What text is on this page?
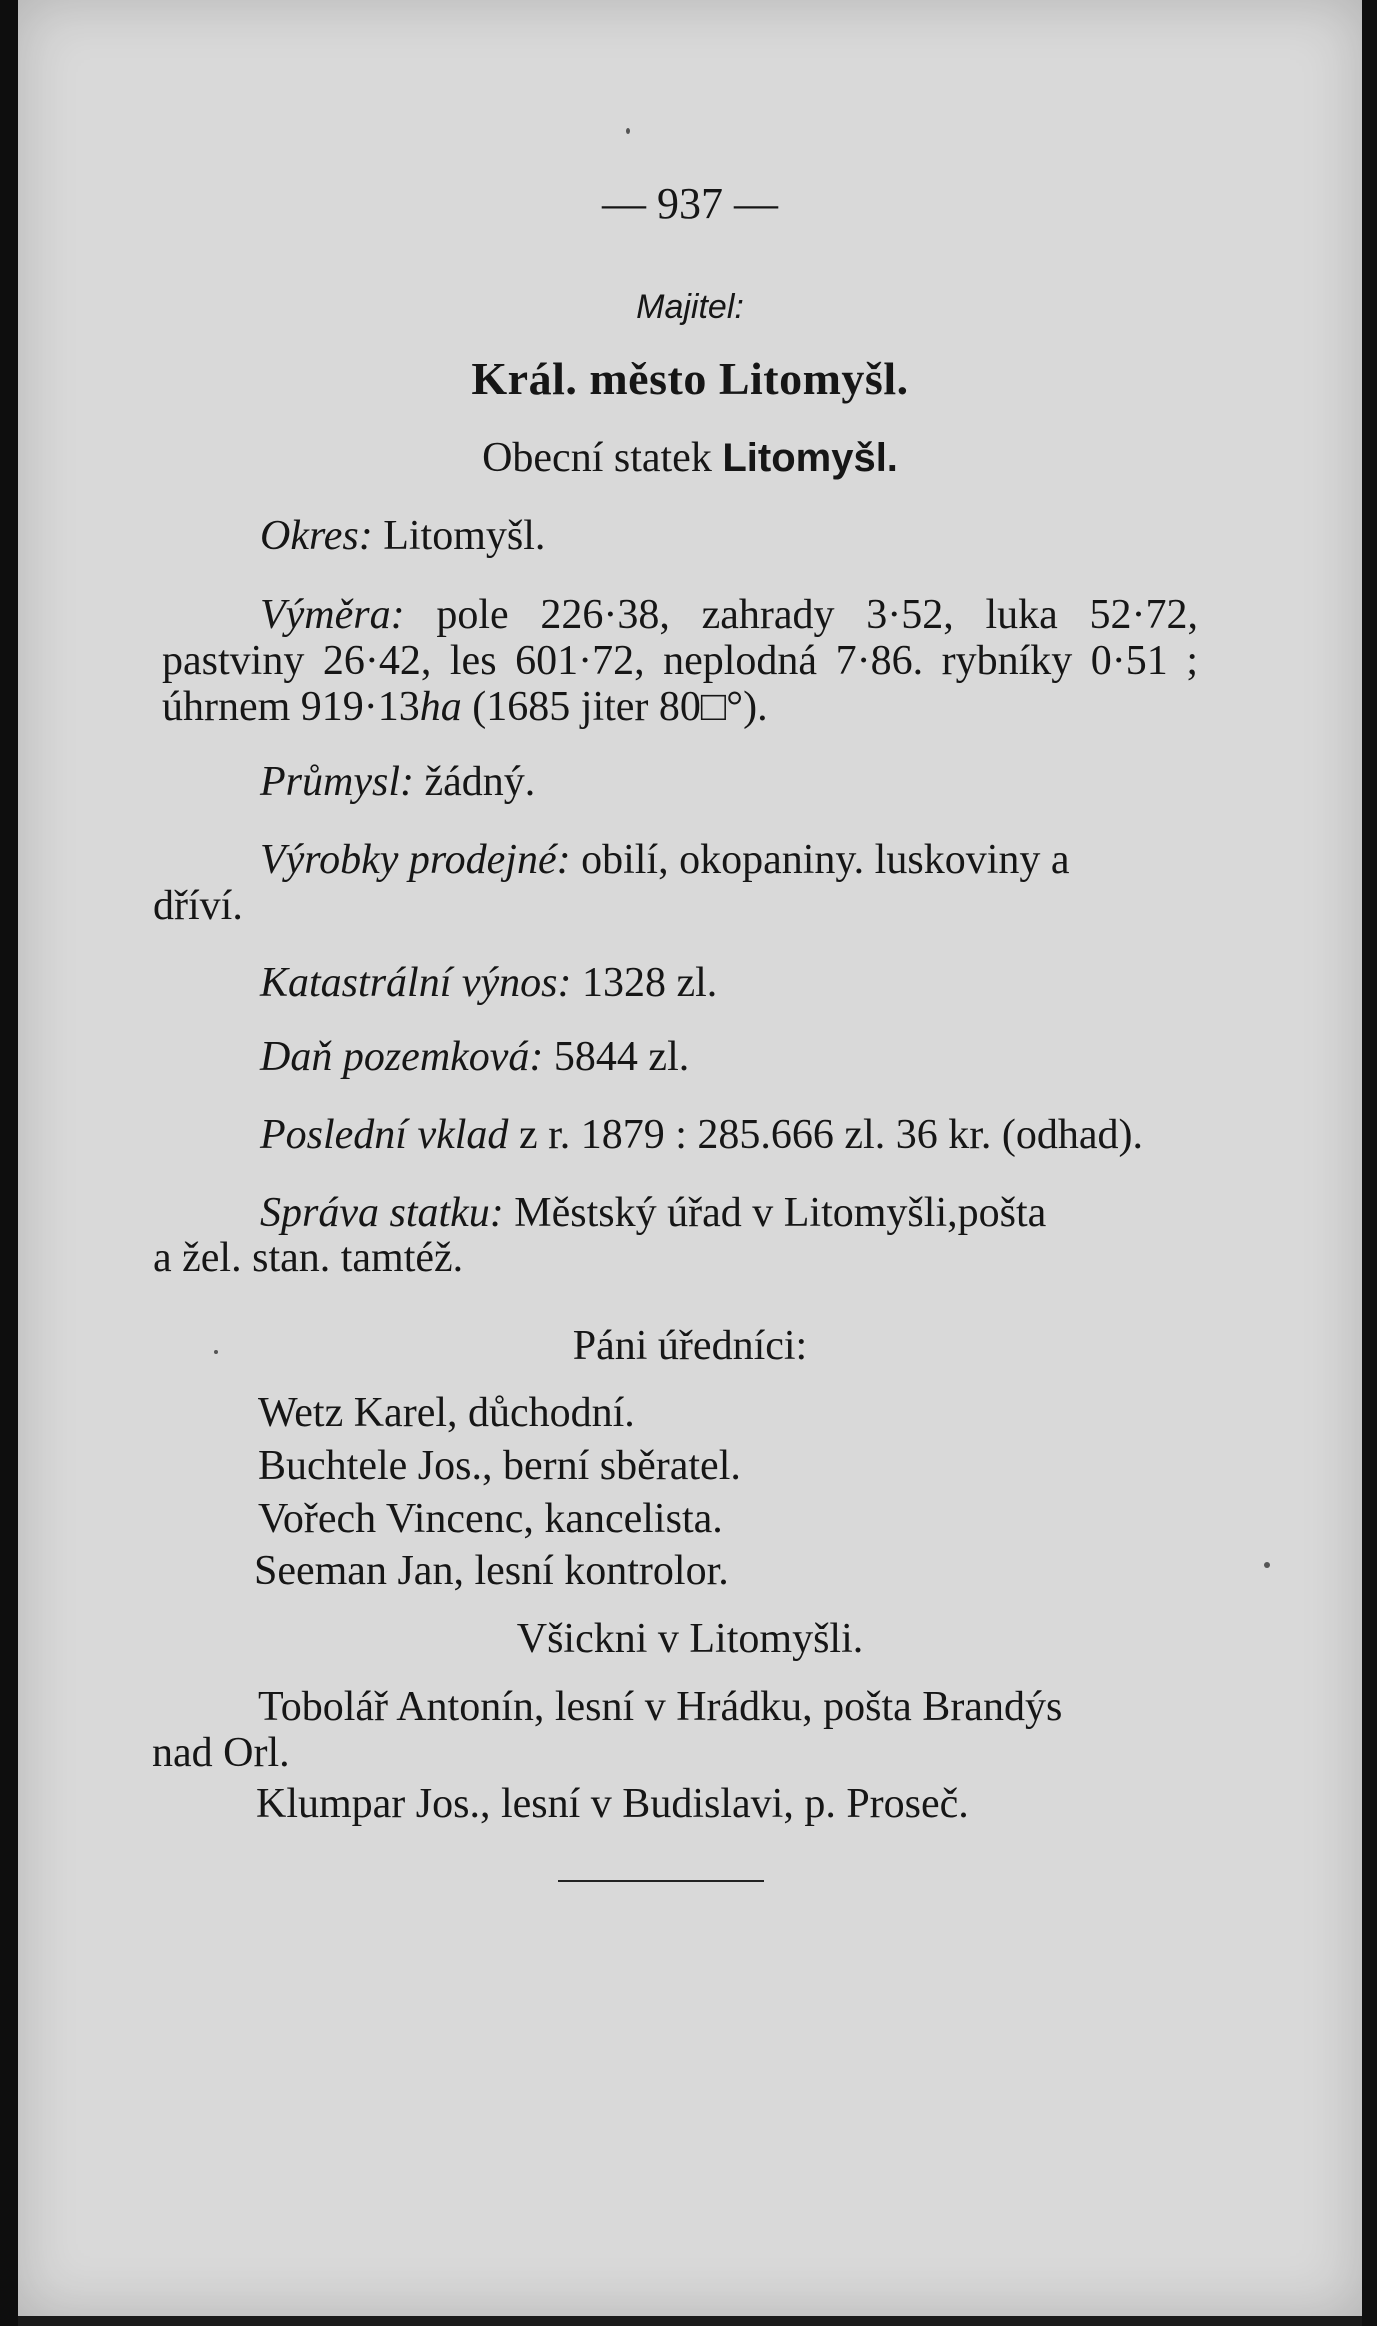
— 937 —
Majitel:
Král. město Litomyšl.
Obecní statek Litomyšl.
Okres: Litomyšl.
Výměra: pole 226·38, zahrady 3·52, luka 52·72,
pastviny 26·42, les 601·72, neplodná 7·86. rybníky 0·51 ;
úhrnem 919·13ha (1685 jiter 80□°).
Průmysl: žádný.
Výrobky prodejné: obilí, okopaniny. luskoviny a
dříví.
Katastrální výnos: 1328 zl.
Daň pozemková: 5844 zl.
Poslední vklad z r. 1879 : 285.666 zl. 36 kr. (odhad).
Správa statku: Městský úřad v Litomyšli,pošta
a žel. stan. tamtéž.
Páni úředníci:
Wetz Karel, důchodní.
Buchtele Jos., berní sběratel.
Vořech Vincenc, kancelista.
Seeman Jan, lesní kontrolor.
Všickni v Litomyšli.
Tobolář Antonín, lesní v Hrádku, pošta Brandýs
nad Orl.
Klumpar Jos., lesní v Budislavi, p. Proseč.
